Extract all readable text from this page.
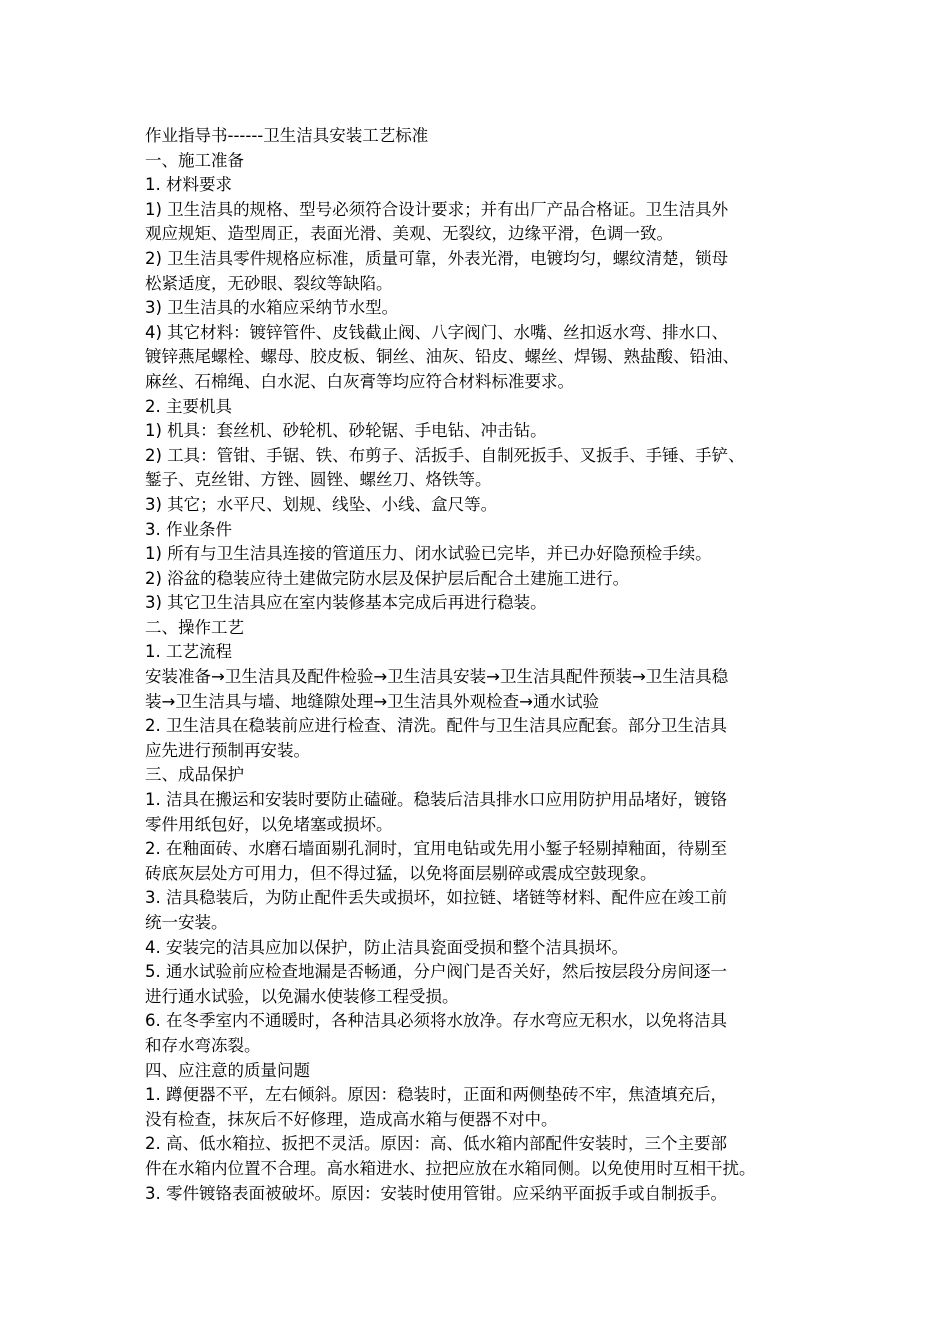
作业指导书------卫生洁具安装工艺标准
一、施工准备
1. 材料要求
1) 卫生洁具的规格、型号必须符合设计要求；并有出厂产品合格证。卫生洁具外
观应规矩、造型周正，表面光滑、美观、无裂纹，边缘平滑，色调一致。
2) 卫生洁具零件规格应标准，质量可靠，外表光滑，电镀均匀，螺纹清楚，锁母
松紧适度，无砂眼、裂纹等缺陷。
3) 卫生洁具的水箱应采纳节水型。
4) 其它材料：镀锌管件、皮钱截止阀、八字阀门、水嘴、丝扣返水弯、排水口、
镀锌燕尾螺栓、螺母、胶皮板、铜丝、油灰、铅皮、螺丝、焊锡、熟盐酸、铅油、
麻丝、石棉绳、白水泥、白灰膏等均应符合材料标准要求。
2. 主要机具
1) 机具：套丝机、砂轮机、砂轮锯、手电钻、冲击钻。
2) 工具：管钳、手锯、铁、布剪子、活扳手、自制死扳手、叉扳手、手锤、手铲、
錾子、克丝钳、方锉、圆锉、螺丝刀、烙铁等。
3) 其它；水平尺、划规、线坠、小线、盒尺等。
3. 作业条件
1) 所有与卫生洁具连接的管道压力、闭水试验已完毕，并已办好隐预检手续。
2) 浴盆的稳装应待土建做完防水层及保护层后配合土建施工进行。
3) 其它卫生洁具应在室内装修基本完成后再进行稳装。
二、操作工艺
1. 工艺流程
安装准备→卫生洁具及配件检验→卫生洁具安装→卫生洁具配件预装→卫生洁具稳
装→卫生洁具与墙、地缝隙处理→卫生洁具外观检查→通水试验
2. 卫生洁具在稳装前应进行检查、清洗。配件与卫生洁具应配套。部分卫生洁具
应先进行预制再安装。
三、成品保护
1. 洁具在搬运和安装时要防止磕碰。稳装后洁具排水口应用防护用品堵好，镀铬
零件用纸包好，以免堵塞或损坏。
2. 在釉面砖、水磨石墙面剔孔洞时，宜用电钻或先用小錾子轻剔掉釉面，待剔至
砖底灰层处方可用力，但不得过猛，以免将面层剔碎或震成空鼓现象。
3. 洁具稳装后，为防止配件丢失或损坏，如拉链、堵链等材料、配件应在竣工前
统一安装。
4. 安装完的洁具应加以保护，防止洁具瓷面受损和整个洁具损坏。
5. 通水试验前应检查地漏是否畅通，分户阀门是否关好，然后按层段分房间逐一
进行通水试验，以免漏水使装修工程受损。
6. 在冬季室内不通暖时，各种洁具必须将水放净。存水弯应无积水，以免将洁具
和存水弯冻裂。
四、应注意的质量问题
1. 蹲便器不平，左右倾斜。原因：稳装时，正面和两侧垫砖不牢，焦渣填充后，
没有检查，抹灰后不好修理，造成高水箱与便器不对中。
2. 高、低水箱拉、扳把不灵活。原因：高、低水箱内部配件安装时，三个主要部
件在水箱内位置不合理。高水箱进水、拉把应放在水箱同侧。以免使用时互相干扰。
3. 零件镀铬表面被破坏。原因：安装时使用管钳。应采纳平面扳手或自制扳手。
